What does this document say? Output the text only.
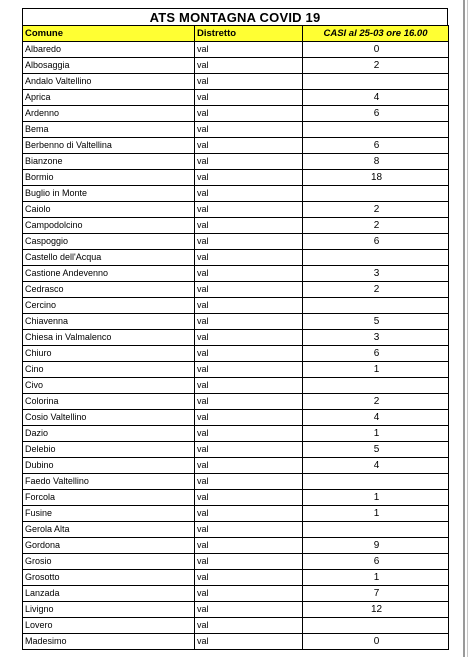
ATS MONTAGNA COVID 19
Comune	Distretto	CASI al 25-03 ore 16.00
Albaredo	val	0
Albosaggia	val	2
Andalo Valtellino	val	
Aprica	val	4
Ardenno	val	6
Bema	val	
Berbenno di Valtellina	val	6
Bianzone	val	8
Bormio	val	18
Buglio in Monte	val	
Caiolo	val	2
Campodolcino	val	2
Caspoggio	val	6
Castello dell'Acqua	val	
Castione Andevenno	val	3
Cedrasco	val	2
Cercino	val	
Chiavenna	val	5
Chiesa in Valmalenco	val	3
Chiuro	val	6
Cino	val	1
Civo	val	
Colorina	val	2
Cosio Valtellino	val	4
Dazio	val	1
Delebio	val	5
Dubino	val	4
Faedo Valtellino	val	
Forcola	val	1
Fusine	val	1
Gerola Alta	val	
Gordona	val	9
Grosio	val	6
Grosotto	val	1
Lanzada	val	7
Livigno	val	12
Lovero	val	
Madesimo	val	0
